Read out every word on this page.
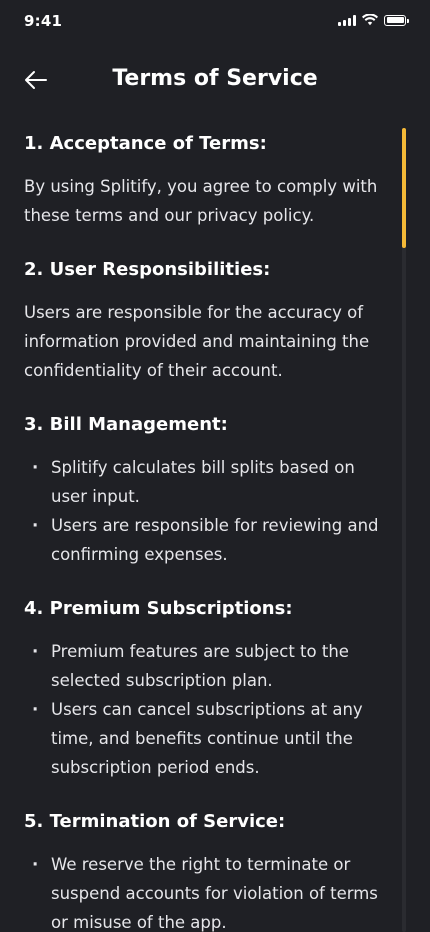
9:41
Terms of Service
1. Acceptance of Terms:

By using Splitify, you agree to comply with these terms and our privacy policy.

2. User Responsibilities:

Users are responsible for the accuracy of information provided and maintaining the confidentiality of their account.

3. Bill Management:
· Splitify calculates bill splits based on user input.
· Users are responsible for reviewing and confirming expenses.
4. Premium Subscriptions:
· Premium features are subject to the selected subscription plan.
· Users can cancel subscriptions at any time, and benefits continue until the subscription period ends.
5. Termination of Service:
· We reserve the right to terminate or suspend accounts for violation of terms or misuse of the app.
